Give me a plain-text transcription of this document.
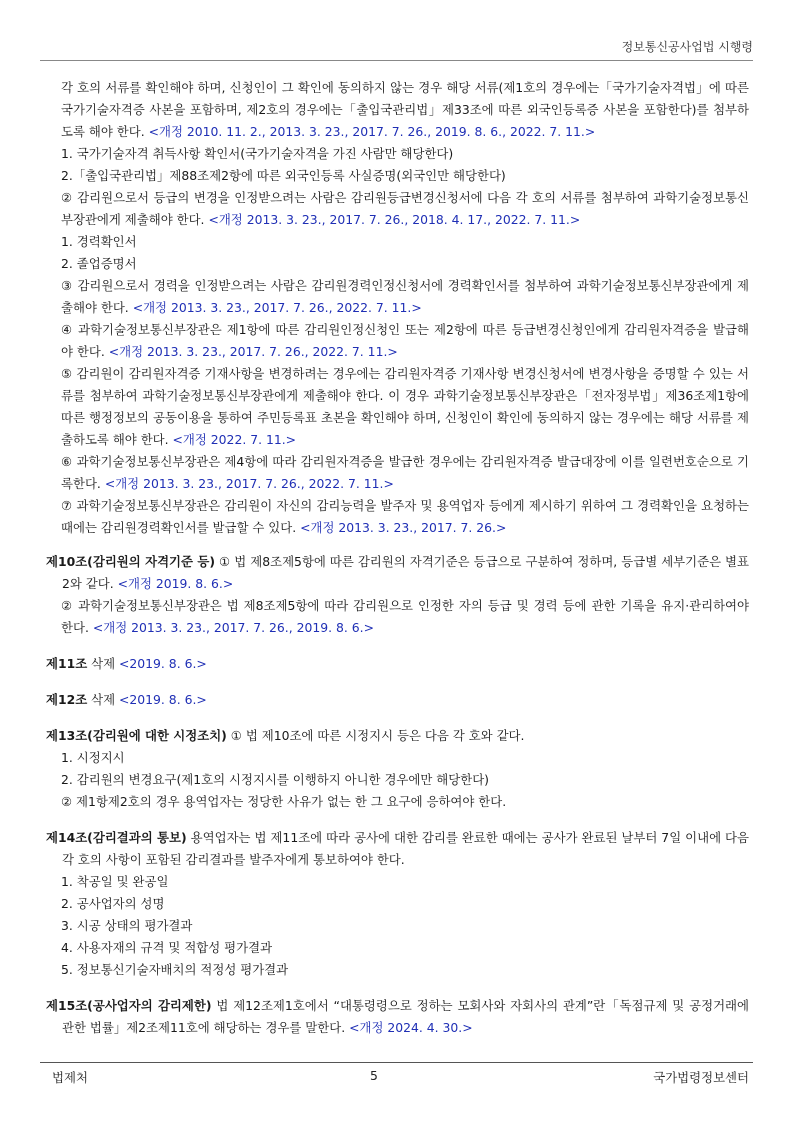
정보통신공사업법 시행령

각 호의 서류를 확인해야 하며, 신청인이 그 확인에 동의하지 않는 경우 해당 서류(제1호의 경우에는「국가기술자격법」에 따른 국가기술자격증 사본을 포함하며, 제2호의 경우에는「출입국관리법」제33조에 따른 외국인등록증 사본을 포함한다)를 첨부하도록 해야 한다. <개정 2010. 11. 2., 2013. 3. 23., 2017. 7. 26., 2019. 8. 6., 2022. 7. 11.>

1. 국가기술자격 취득사항 확인서(국가기술자격을 가진 사람만 해당한다)

2.「출입국관리법」제88조제2항에 따른 외국인등록 사실증명(외국인만 해당한다)

② 감리원으로서 등급의 변경을 인정받으려는 사람은 감리원등급변경신청서에 다음 각 호의 서류를 첨부하여 과학기술정보통신부장관에게 제출해야 한다. <개정 2013. 3. 23., 2017. 7. 26., 2018. 4. 17., 2022. 7. 11.>

1. 경력확인서

2. 졸업증명서

③ 감리원으로서 경력을 인정받으려는 사람은 감리원경력인정신청서에 경력확인서를 첨부하여 과학기술정보통신부장관에게 제출해야 한다. <개정 2013. 3. 23., 2017. 7. 26., 2022. 7. 11.>

④ 과학기술정보통신부장관은 제1항에 따른 감리원인정신청인 또는 제2항에 따른 등급변경신청인에게 감리원자격증을 발급해야 한다. <개정 2013. 3. 23., 2017. 7. 26., 2022. 7. 11.>

⑤ 감리원이 감리원자격증 기재사항을 변경하려는 경우에는 감리원자격증 기재사항 변경신청서에 변경사항을 증명할 수 있는 서류를 첨부하여 과학기술정보통신부장관에게 제출해야 한다. 이 경우 과학기술정보통신부장관은「전자정부법」제36조제1항에 따른 행정정보의 공동이용을 통하여 주민등록표 초본을 확인해야 하며, 신청인이 확인에 동의하지 않는 경우에는 해당 서류를 제출하도록 해야 한다. <개정 2022. 7. 11.>

⑥ 과학기술정보통신부장관은 제4항에 따라 감리원자격증을 발급한 경우에는 감리원자격증 발급대장에 이를 일련번호순으로 기록한다. <개정 2013. 3. 23., 2017. 7. 26., 2022. 7. 11.>

⑦ 과학기술정보통신부장관은 감리원이 자신의 감리능력을 발주자 및 용역업자 등에게 제시하기 위하여 그 경력확인을 요청하는 때에는 감리원경력확인서를 발급할 수 있다. <개정 2013. 3. 23., 2017. 7. 26.>

제10조(감리원의 자격기준 등) ① 법 제8조제5항에 따른 감리원의 자격기준은 등급으로 구분하여 정하며, 등급별 세부기준은 별표 2와 같다. <개정 2019. 8. 6.>

② 과학기술정보통신부장관은 법 제8조제5항에 따라 감리원으로 인정한 자의 등급 및 경력 등에 관한 기록을 유지·관리하여야 한다. <개정 2013. 3. 23., 2017. 7. 26., 2019. 8. 6.>

제11조 삭제 <2019. 8. 6.>

제12조 삭제 <2019. 8. 6.>

제13조(감리원에 대한 시정조치) ① 법 제10조에 따른 시정지시 등은 다음 각 호와 같다.

1. 시정지시

2. 감리원의 변경요구(제1호의 시정지시를 이행하지 아니한 경우에만 해당한다)

② 제1항제2호의 경우 용역업자는 정당한 사유가 없는 한 그 요구에 응하여야 한다.

제14조(감리결과의 통보) 용역업자는 법 제11조에 따라 공사에 대한 감리를 완료한 때에는 공사가 완료된 날부터 7일 이내에 다음 각 호의 사항이 포함된 감리결과를 발주자에게 통보하여야 한다.

1. 착공일 및 완공일

2. 공사업자의 성명

3. 시공 상태의 평가결과

4. 사용자재의 규격 및 적합성 평가결과

5. 정보통신기술자배치의 적정성 평가결과

제15조(공사업자의 감리제한) 법 제12조제1호에서 “대통령령으로 정하는 모회사와 자회사의 관계”란「독점규제 및 공정거래에 관한 법률」제2조제11호에 해당하는 경우를 말한다. <개정 2024. 4. 30.>

법제처	5	국가법령정보센터
